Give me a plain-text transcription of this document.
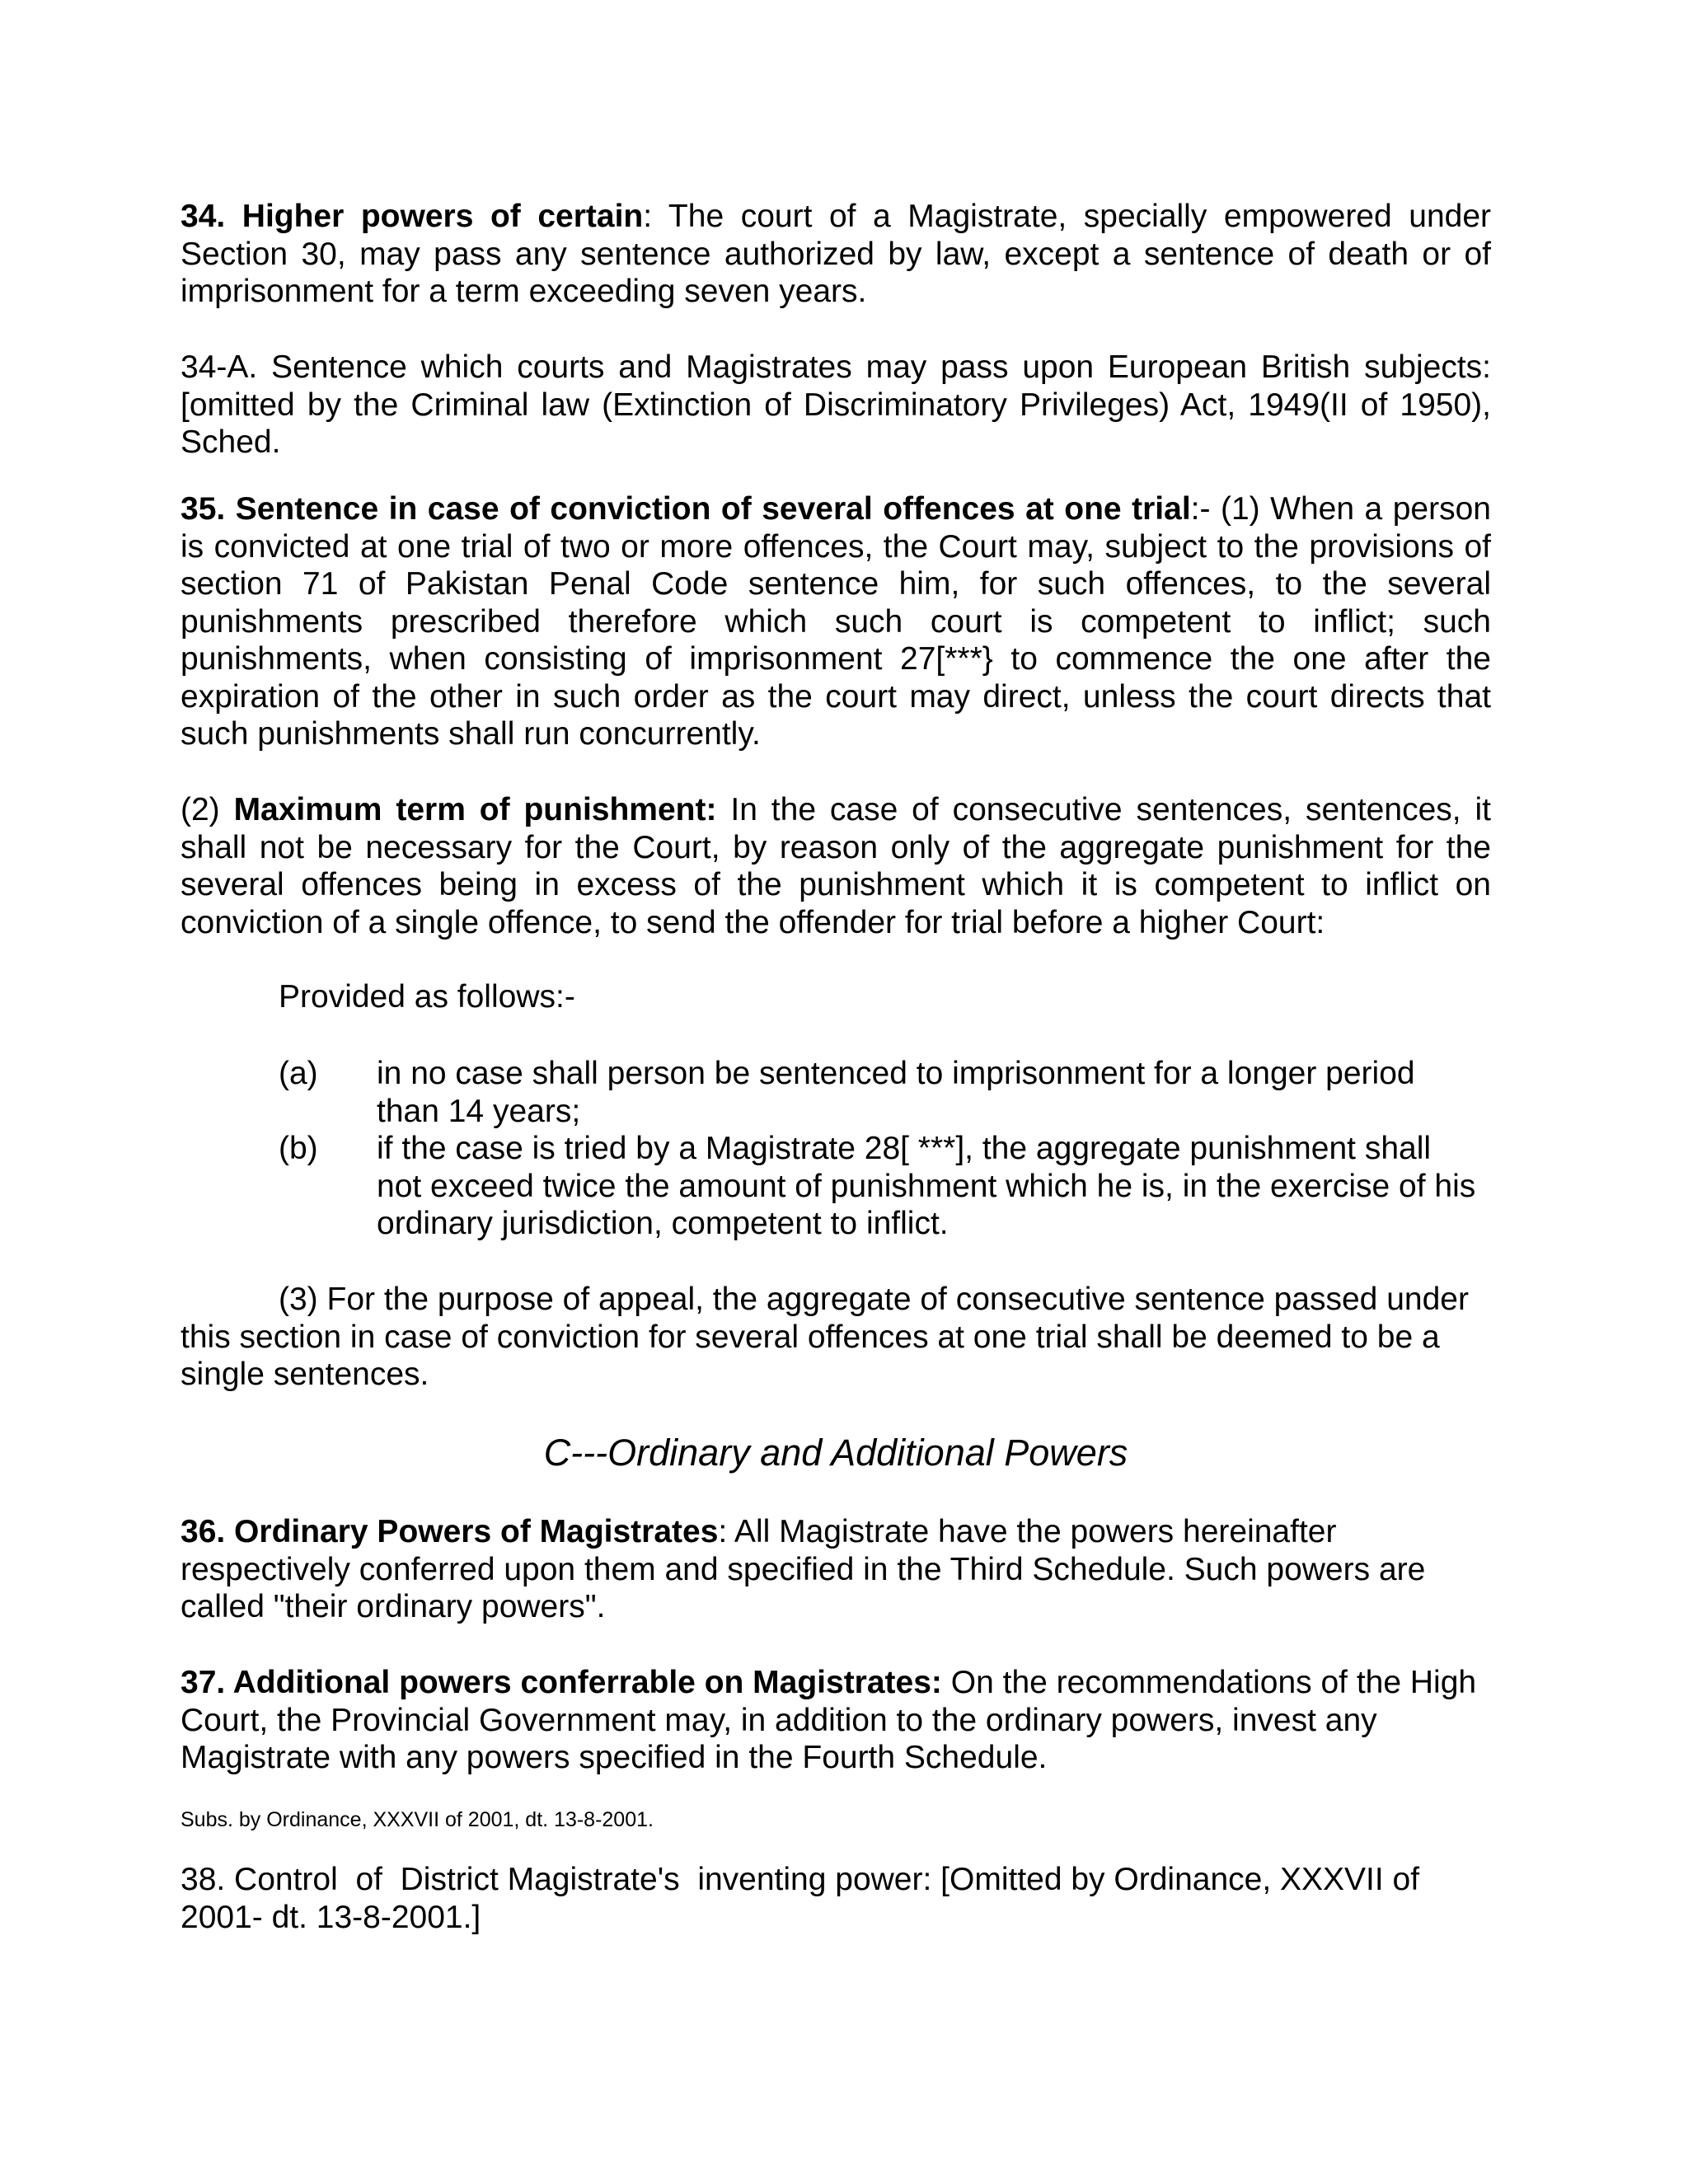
34. Higher powers of certain: The court of a Magistrate, specially empowered under Section 30, may pass any sentence authorized by law, except a sentence of death or of imprisonment for a term exceeding seven years.

34-A. Sentence which courts and Magistrates may pass upon European British subjects: [omitted by the Criminal law (Extinction of Discriminatory Privileges) Act, 1949(II of 1950), Sched.

35. Sentence in case of conviction of several offences at one trial:- (1) When a person is convicted at one trial of two or more offences, the Court may, subject to the provisions of section 71 of Pakistan Penal Code sentence him, for such offences, to the several punishments prescribed therefore which such court is competent to inflict; such punishments, when consisting of imprisonment 27[***} to commence the one after the expiration of the other in such order as the court may direct, unless the court directs that such punishments shall run concurrently.

(2) Maximum term of punishment: In the case of consecutive sentences, sentences, it shall not be necessary for the Court, by reason only of the aggregate punishment for the several offences being in excess of the punishment which it is competent to inflict on conviction of a single offence, to send the offender for trial before a higher Court:

Provided as follows:-

(a) in no case shall person be sentenced to imprisonment for a longer period than 14 years;
(b) if the case is tried by a Magistrate 28[ ***], the aggregate punishment shall not exceed twice the amount of punishment which he is, in the exercise of his ordinary jurisdiction, competent to inflict.

(3) For the purpose of appeal, the aggregate of consecutive sentence passed under this section in case of conviction for several offences at one trial shall be deemed to be a single sentences.

C---Ordinary and Additional Powers

36. Ordinary Powers of Magistrates: All Magistrate have the powers hereinafter respectively conferred upon them and specified in the Third Schedule. Such powers are called "their ordinary powers".

37. Additional powers conferrable on Magistrates: On the recommendations of the High Court, the Provincial Government may, in addition to the ordinary powers, invest any Magistrate with any powers specified in the Fourth Schedule.

Subs. by Ordinance, XXXVII of 2001, dt. 13-8-2001.

38. Control  of  District Magistrate's  inventing power: [Omitted by Ordinance, XXXVII of 2001- dt. 13-8-2001.]
